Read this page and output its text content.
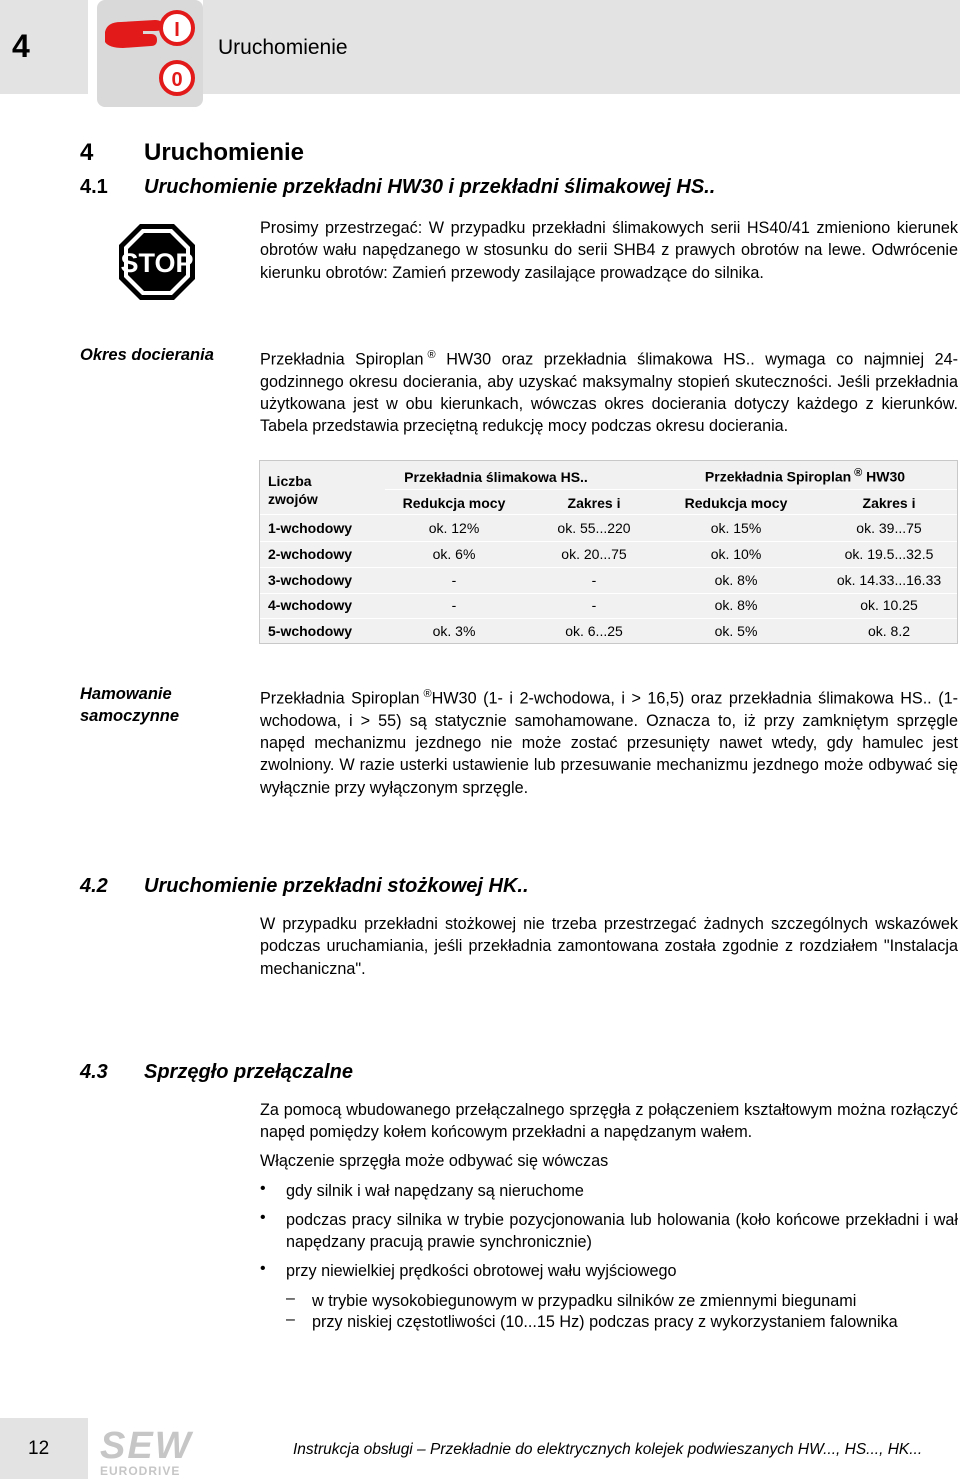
4	I
0
Uruchomienie
4 Uruchomienie
4.1 Uruchomienie przekładni HW30 i przekładni ślimakowej HS..
STOP
Prosimy przestrzegać: W przypadku przekładni ślimakowych serii HS40/41 zmieniono kierunek obrotów wału napędzanego w stosunku do serii SHB4 z prawych obrotów na lewe. Odwrócenie kierunku obrotów: Zamień przewody zasilające prowadzące do silnika.
Okres docierania	Przekładnia Spiroplan ® HW30 oraz przekładnia ślimakowa HS.. wymaga co najmniej 24-godzinnego okresu docierania, aby uzyskać maksymalny stopień skuteczności. Jeśli przekładnia użytkowana jest w obu kierunkach, wówczas okres docierania dotyczy każdego z kierunków. Tabela przedstawia przeciętną redukcję mocy podczas okresu docierania.
Liczba
zwojów
Przekładnia ślimakowa HS..	Przekładnia Spiroplan ® HW30
Redukcja mocy	Zakres i	Redukcja mocy	Zakres i
1-wchodowy	ok. 12%	ok. 55...220	ok. 15%	ok. 39...75
2-wchodowy	ok. 6%	ok. 20...75	ok. 10%	ok. 19.5...32.5
3-wchodowy	-	-	ok. 8%	ok. 14.33...16.33
4-wchodowy	-	-	ok. 8%	ok. 10.25
5-wchodowy	ok. 3%	ok. 6...25	ok. 5%	ok. 8.2
Hamowanie
samoczynne
Przekładnia Spiroplan ®HW30 (1- i 2-wchodowa, i > 16,5) oraz przekładnia ślimakowa HS.. (1-wchodowa, i > 55) są statycznie samohamowane. Oznacza to, iż przy zamkniętym sprzęgle napęd mechanizmu jezdnego nie może zostać przesunięty nawet wtedy, gdy hamulec jest zwolniony. W razie usterki ustawienie lub przesuwanie mechanizmu jezdnego może odbywać się wyłącznie przy wyłączonym sprzęgle.
4.2 Uruchomienie przekładni stożkowej HK..
W przypadku przekładni stożkowej nie trzeba przestrzegać żadnych szczególnych wskazówek podczas uruchamiania, jeśli przekładnia zamontowana została zgodnie z rozdziałem "Instalacja mechaniczna".
4.3 Sprzęgło przełączalne
Za pomocą wbudowanego przełączalnego sprzęgła z połączeniem kształtowym można rozłączyć napęd pomiędzy kołem końcowym przekładni a napędzanym wałem.
Włączenie sprzęgła może odbywać się wówczas
• gdy silnik i wał napędzany są nieruchome
• podczas pracy silnika w trybie pozycjonowania lub holowania (koło końcowe przekładni i wał napędzany pracują prawie synchronicznie)
• przy niewielkiej prędkości obrotowej wału wyjściowego
– w trybie wysokobiegunowym w przypadku silników ze zmiennymi biegunami
– przy niskiej częstotliwości (10...15 Hz) podczas pracy z wykorzystaniem falownika
12 SEW
EURODRIVE
Instrukcja obsługi – Przekładnie do elektrycznych kolejek podwieszanych HW..., HS..., HK...
